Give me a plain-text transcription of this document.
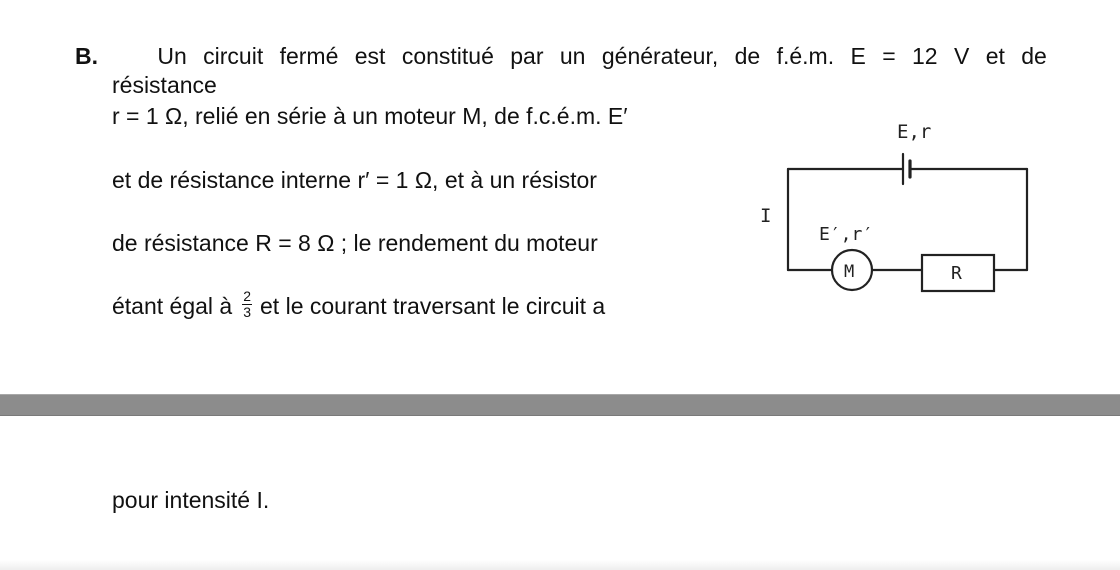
B.	Un circuit fermé est constitué par un générateur, de f.é.m. E = 12 V et de
résistance
r = 1 Ω, relié en série à un moteur M, de f.c.é.m. E′
et de résistance interne r′ = 1 Ω, et à un résistor
de résistance R = 8 Ω ; le rendement du moteur
étant égal à $\frac{2}{3}$ et le courant traversant le circuit a
E,r
I
E′,r′
M	R
pour intensité I.
